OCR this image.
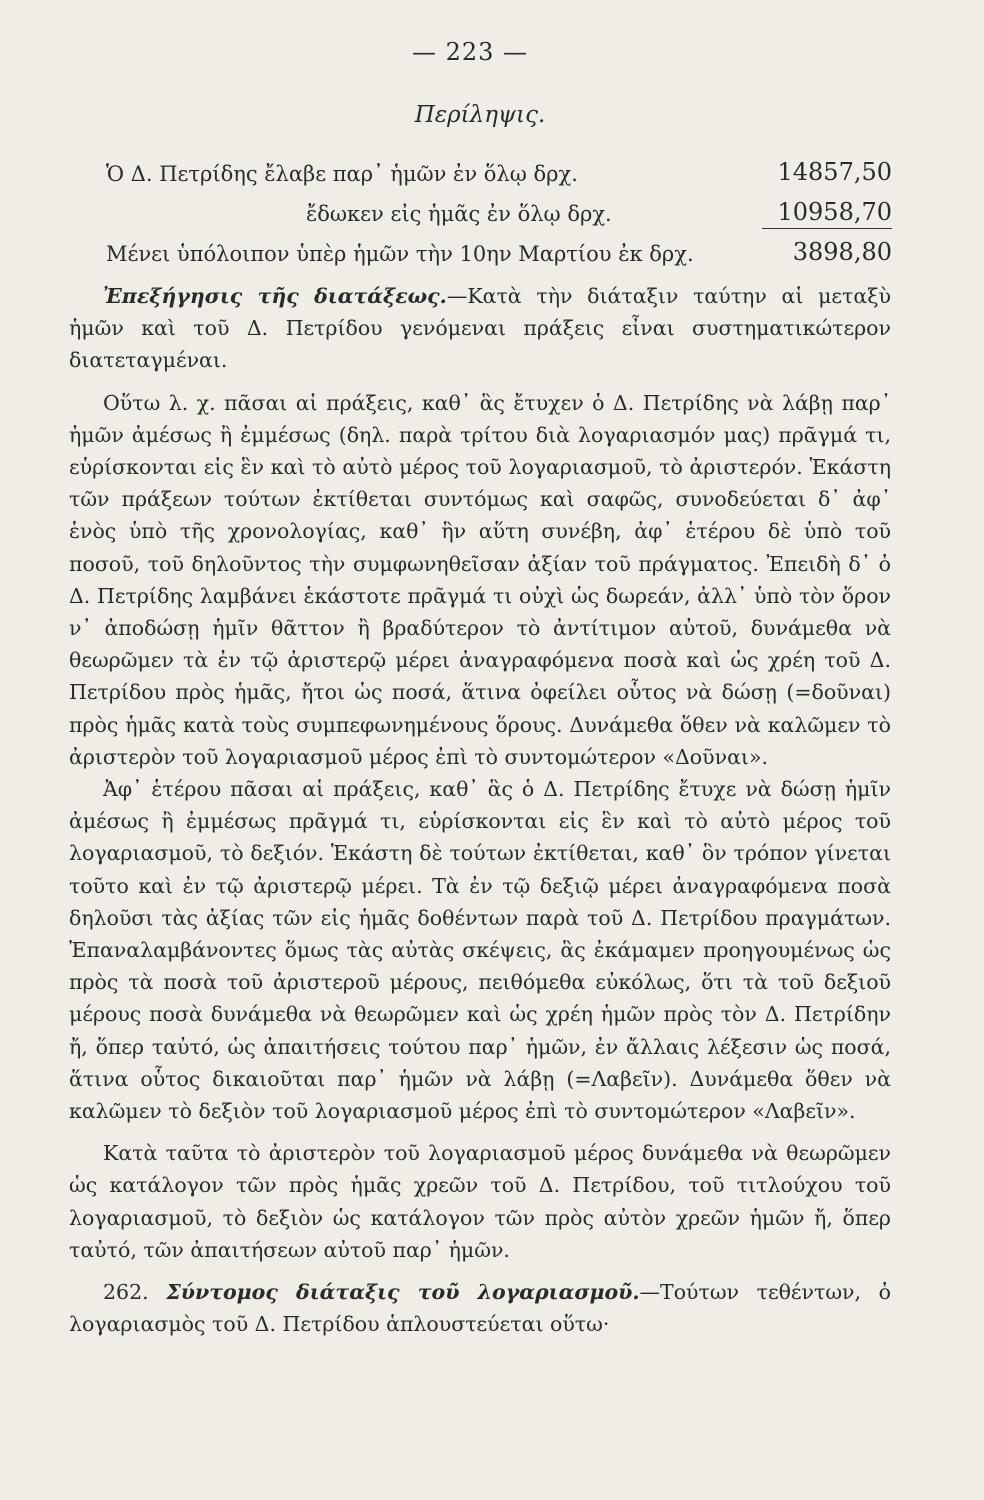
— 223 —
Περίληψις.
Ὁ Δ. Πετρίδης ἔλαβε παρ᾽ ἡμῶν ἐν ὅλῳ δρχ.	14857,50
ἔδωκεν εἰς ἡμᾶς ἐν ὅλῳ δρχ.	10958,70
Μένει ὑπόλοιπον ὑπὲρ ἡμῶν τὴν 10ην Μαρτίου ἐκ δρχ.	3898,80

Ἐπεξήγησις τῆς διατάξεως.—Κατὰ τὴν διάταξιν ταύτην αἱ μεταξὺ ἡμῶν καὶ τοῦ Δ. Πετρίδου γενόμεναι πράξεις εἶναι συστηματικώτερον διατεταγμέναι.

Οὕτω λ. χ. πᾶσαι αἱ πράξεις, καθ᾽ ἃς ἔτυχεν ὁ Δ. Πετρίδης νὰ λάβῃ παρ᾽ ἡμῶν ἀμέσως ἢ ἐμμέσως (δηλ. παρὰ τρίτου διὰ λογαριασμόν μας) πρᾶγμά τι, εὑρίσκονται εἰς ἓν καὶ τὸ αὐτὸ μέρος τοῦ λογαριασμοῦ, τὸ ἀριστερόν. Ἑκάστη τῶν πράξεων τούτων ἐκτίθεται συντόμως καὶ σαφῶς, συνοδεύεται δ᾽ ἀφ᾽ ἑνὸς ὑπὸ τῆς χρονολογίας, καθ᾽ ἣν αὕτη συνέβη, ἀφ᾽ ἑτέρου δὲ ὑπὸ τοῦ ποσοῦ, τοῦ δηλοῦντος τὴν συμφωνηθεῖσαν ἀξίαν τοῦ πράγματος. Ἐπειδὴ δ᾽ ὁ Δ. Πετρίδης λαμβάνει ἑκάστοτε πρᾶγμά τι οὐχὶ ὡς δωρεάν, ἀλλ᾽ ὑπὸ τὸν ὅρον ν᾽ ἀποδώσῃ ἡμῖν θᾶττον ἢ βραδύτερον τὸ ἀντίτιμον αὐτοῦ, δυνάμεθα νὰ θεωρῶμεν τὰ ἐν τῷ ἀριστερῷ μέρει ἀναγραφόμενα ποσὰ καὶ ὡς χρέη τοῦ Δ. Πετρίδου πρὸς ἡμᾶς, ἤτοι ὡς ποσά, ἅτινα ὀφείλει οὗτος νὰ δώσῃ (=δοῦναι) πρὸς ἡμᾶς κατὰ τοὺς συμπεφωνημένους ὅρους. Δυνάμεθα ὅθεν νὰ καλῶμεν τὸ ἀριστερὸν τοῦ λογαριασμοῦ μέρος ἐπὶ τὸ συντομώτερον «Δοῦναι».

Ἀφ᾽ ἑτέρου πᾶσαι αἱ πράξεις, καθ᾽ ἃς ὁ Δ. Πετρίδης ἔτυχε νὰ δώσῃ ἡμῖν ἀμέσως ἢ ἐμμέσως πρᾶγμά τι, εὑρίσκονται εἰς ἓν καὶ τὸ αὐτὸ μέρος τοῦ λογαριασμοῦ, τὸ δεξιόν. Ἑκάστη δὲ τούτων ἐκτίθεται, καθ᾽ ὃν τρόπον γίνεται τοῦτο καὶ ἐν τῷ ἀριστερῷ μέρει. Τὰ ἐν τῷ δεξιῷ μέρει ἀναγραφόμενα ποσὰ δηλοῦσι τὰς ἀξίας τῶν εἰς ἡμᾶς δοθέντων παρὰ τοῦ Δ. Πετρίδου πραγμάτων. Ἐπαναλαμβάνοντες ὅμως τὰς αὐτὰς σκέψεις, ἃς ἐκάμαμεν προηγουμένως ὡς πρὸς τὰ ποσὰ τοῦ ἀριστεροῦ μέρους, πειθόμεθα εὐκόλως, ὅτι τὰ τοῦ δεξιοῦ μέρους ποσὰ δυνάμεθα νὰ θεωρῶμεν καὶ ὡς χρέη ἡμῶν πρὸς τὸν Δ. Πετρίδην ἤ, ὅπερ ταὐτό, ὡς ἀπαιτήσεις τούτου παρ᾽ ἡμῶν, ἐν ἄλλαις λέξεσιν ὡς ποσά, ἅτινα οὗτος δικαιοῦται παρ᾽ ἡμῶν νὰ λάβῃ (=Λαβεῖν). Δυνάμεθα ὅθεν νὰ καλῶμεν τὸ δεξιὸν τοῦ λογαριασμοῦ μέρος ἐπὶ τὸ συντομώτερον «Λαβεῖν».

Κατὰ ταῦτα τὸ ἀριστερὸν τοῦ λογαριασμοῦ μέρος δυνάμεθα νὰ θεωρῶμεν ὡς κατάλογον τῶν πρὸς ἡμᾶς χρεῶν τοῦ Δ. Πετρίδου, τοῦ τιτλούχου τοῦ λογαριασμοῦ, τὸ δεξιὸν ὡς κατάλογον τῶν πρὸς αὐτὸν χρεῶν ἡμῶν ἤ, ὅπερ ταὐτό, τῶν ἀπαιτήσεων αὐτοῦ παρ᾽ ἡμῶν.

262. Σύντομος διάταξις τοῦ λογαριασμοῦ.—Τούτων τεθέντων, ὁ λογαριασμὸς τοῦ Δ. Πετρίδου ἁπλουστεύεται οὕτω·
